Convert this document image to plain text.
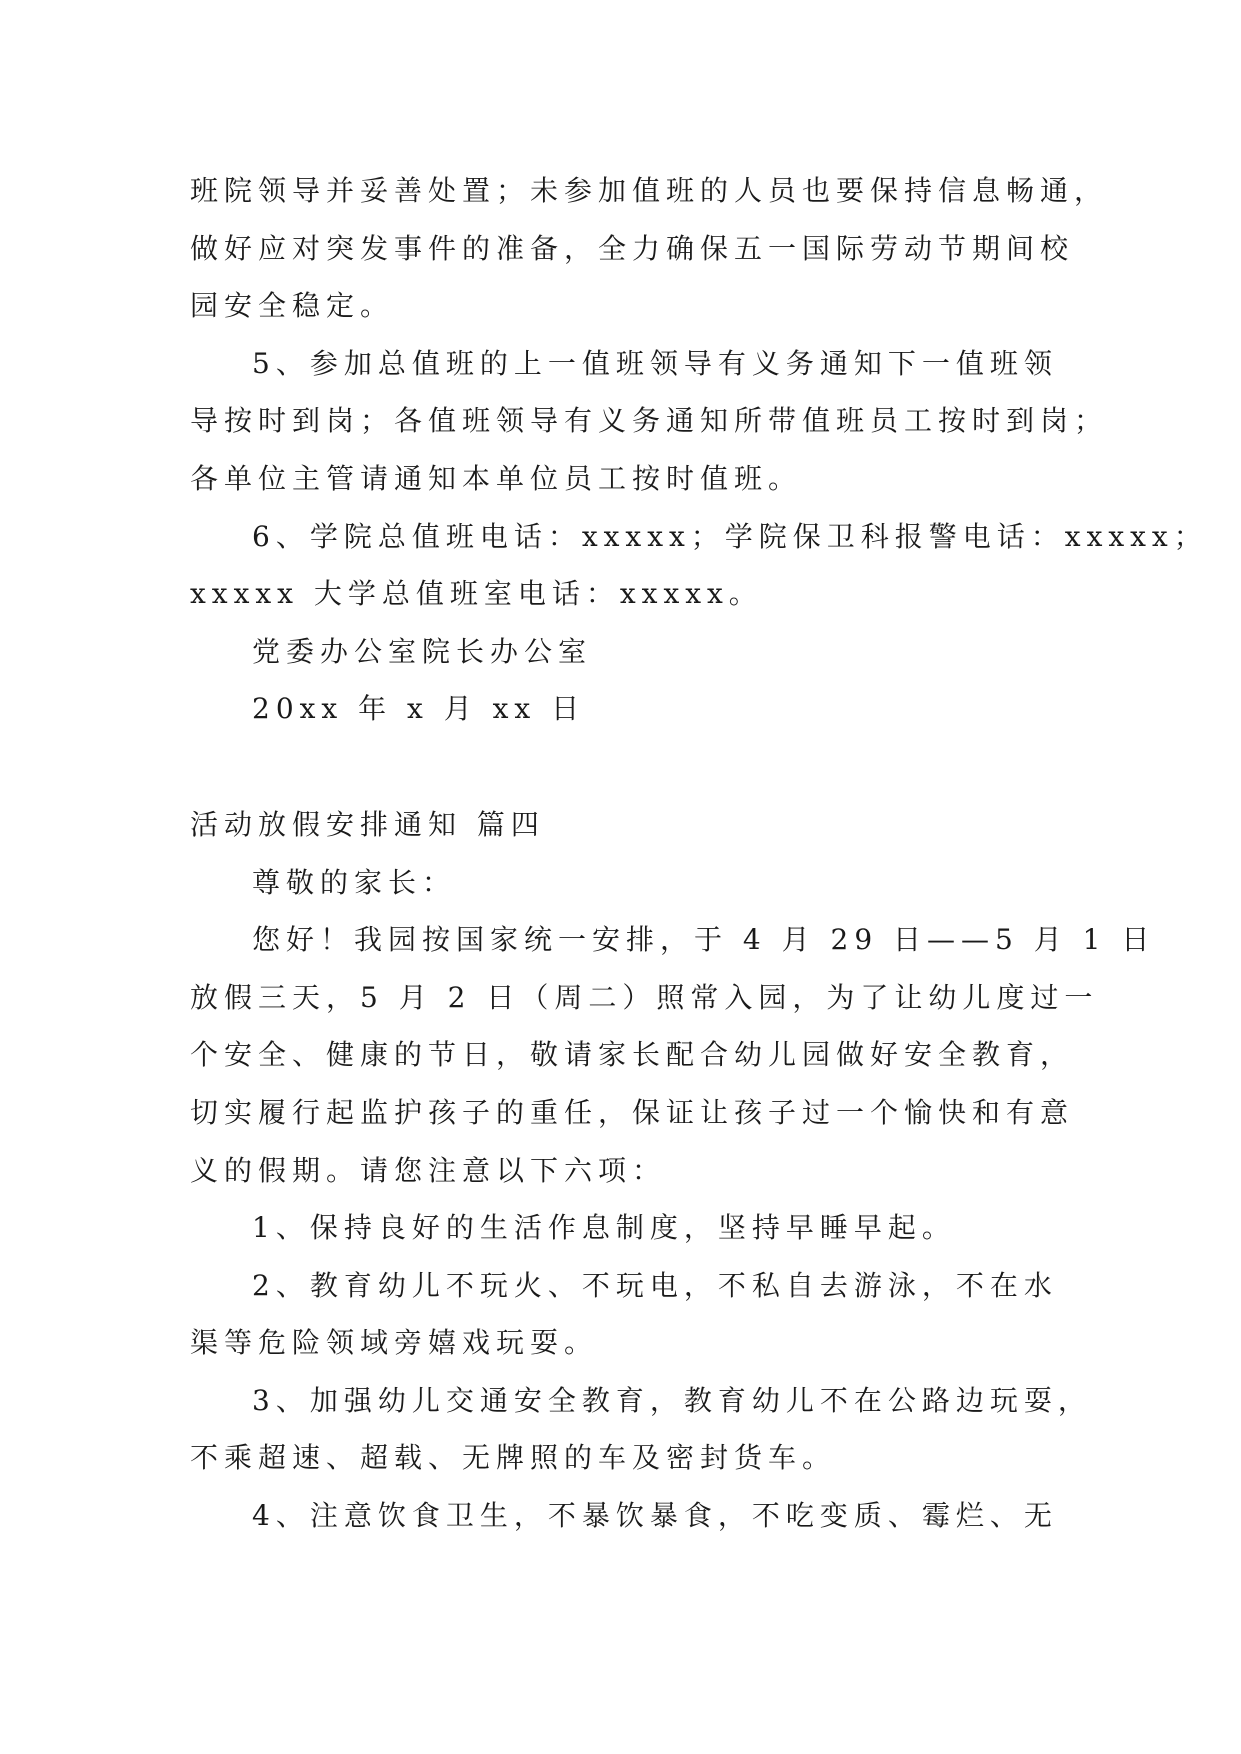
班院领导并妥善处置；未参加值班的人员也要保持信息畅通，
做好应对突发事件的准备，全力确保五一国际劳动节期间校
园安全稳定。
5、参加总值班的上一值班领导有义务通知下一值班领
导按时到岗；各值班领导有义务通知所带值班员工按时到岗；
各单位主管请通知本单位员工按时值班。
6、学院总值班电话：xxxxx；学院保卫科报警电话：xxxxx；
xxxxx 大学总值班室电话：xxxxx。
党委办公室院长办公室
20xx 年 x 月 xx 日
活动放假安排通知 篇四
尊敬的家长：
您好！我园按国家统一安排，于 4 月 29 日——5 月 1 日
放假三天，5 月 2 日（周二）照常入园，为了让幼儿度过一
个安全、健康的节日，敬请家长配合幼儿园做好安全教育，
切实履行起监护孩子的重任，保证让孩子过一个愉快和有意
义的假期。请您注意以下六项：
1、保持良好的生活作息制度，坚持早睡早起。
2、教育幼儿不玩火、不玩电，不私自去游泳，不在水
渠等危险领域旁嬉戏玩耍。
3、加强幼儿交通安全教育，教育幼儿不在公路边玩耍，
不乘超速、超载、无牌照的车及密封货车。
4、注意饮食卫生，不暴饮暴食，不吃变质、霉烂、无
